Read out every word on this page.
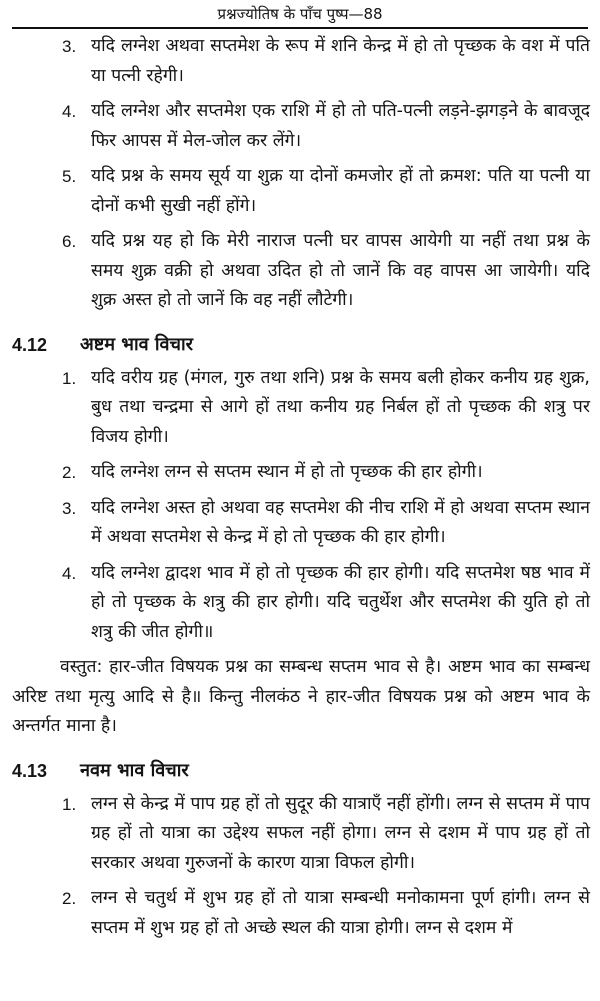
प्रश्नज्योतिष के पाँच पुष्प—88
3. यदि लग्नेश अथवा सप्तमेश के रूप में शनि केन्द्र में हो तो पृच्छक के वश में पति या पत्नी रहेगी।
4. यदि लग्नेश और सप्तमेश एक राशि में हो तो पति-पत्नी लड़ने-झगड़ने के बावजूद फिर आपस में मेल-जोल कर लेंगे।
5. यदि प्रश्न के समय सूर्य या शुक्र या दोनों कमजोर हों तो क्रमश: पति या पत्नी या दोनों कभी सुखी नहीं होंगे।
6. यदि प्रश्न यह हो कि मेरी नाराज पत्नी घर वापस आयेगी या नहीं तथा प्रश्न के समय शुक्र वक्री हो अथवा उदित हो तो जानें कि वह वापस आ जायेगी। यदि शुक्र अस्त हो तो जानें कि वह नहीं लौटेगी।
4.12 अष्टम भाव विचार
1. यदि वरीय ग्रह (मंगल, गुरु तथा शनि) प्रश्न के समय बली होकर कनीय ग्रह शुक्र, बुध तथा चन्द्रमा से आगे हों तथा कनीय ग्रह निर्बल हों तो पृच्छक की शत्रु पर विजय होगी।
2. यदि लग्नेश लग्न से सप्तम स्थान में हो तो पृच्छक की हार होगी।
3. यदि लग्नेश अस्त हो अथवा वह सप्तमेश की नीच राशि में हो अथवा सप्तम स्थान में अथवा सप्तमेश से केन्द्र में हो तो पृच्छक की हार होगी।
4. यदि लग्नेश द्वादश भाव में हो तो पृच्छक की हार होगी। यदि सप्तमेश षष्ठ भाव में हो तो पृच्छक के शत्रु की हार होगी। यदि चतुर्थेश और सप्तमेश की युति हो तो शत्रु की जीत होगी॥
वस्तुत: हार-जीत विषयक प्रश्न का सम्बन्ध सप्तम भाव से है। अष्टम भाव का सम्बन्ध अरिष्ट तथा मृत्यु आदि से है॥ किन्तु नीलकंठ ने हार-जीत विषयक प्रश्न को अष्टम भाव के अन्तर्गत माना है।
4.13 नवम भाव विचार
1. लग्न से केन्द्र में पाप ग्रह हों तो सुदूर की यात्राएँ नहीं होंगी। लग्न से सप्तम में पाप ग्रह हों तो यात्रा का उद्देश्य सफल नहीं होगा। लग्न से दशम में पाप ग्रह हों तो सरकार अथवा गुरुजनों के कारण यात्रा विफल होगी।
2. लग्न से चतुर्थ में शुभ ग्रह हों तो यात्रा सम्बन्धी मनोकामना पूर्ण हांगी। लग्न से सप्तम में शुभ ग्रह हों तो अच्छे स्थल की यात्रा होगी। लग्न से दशम में
